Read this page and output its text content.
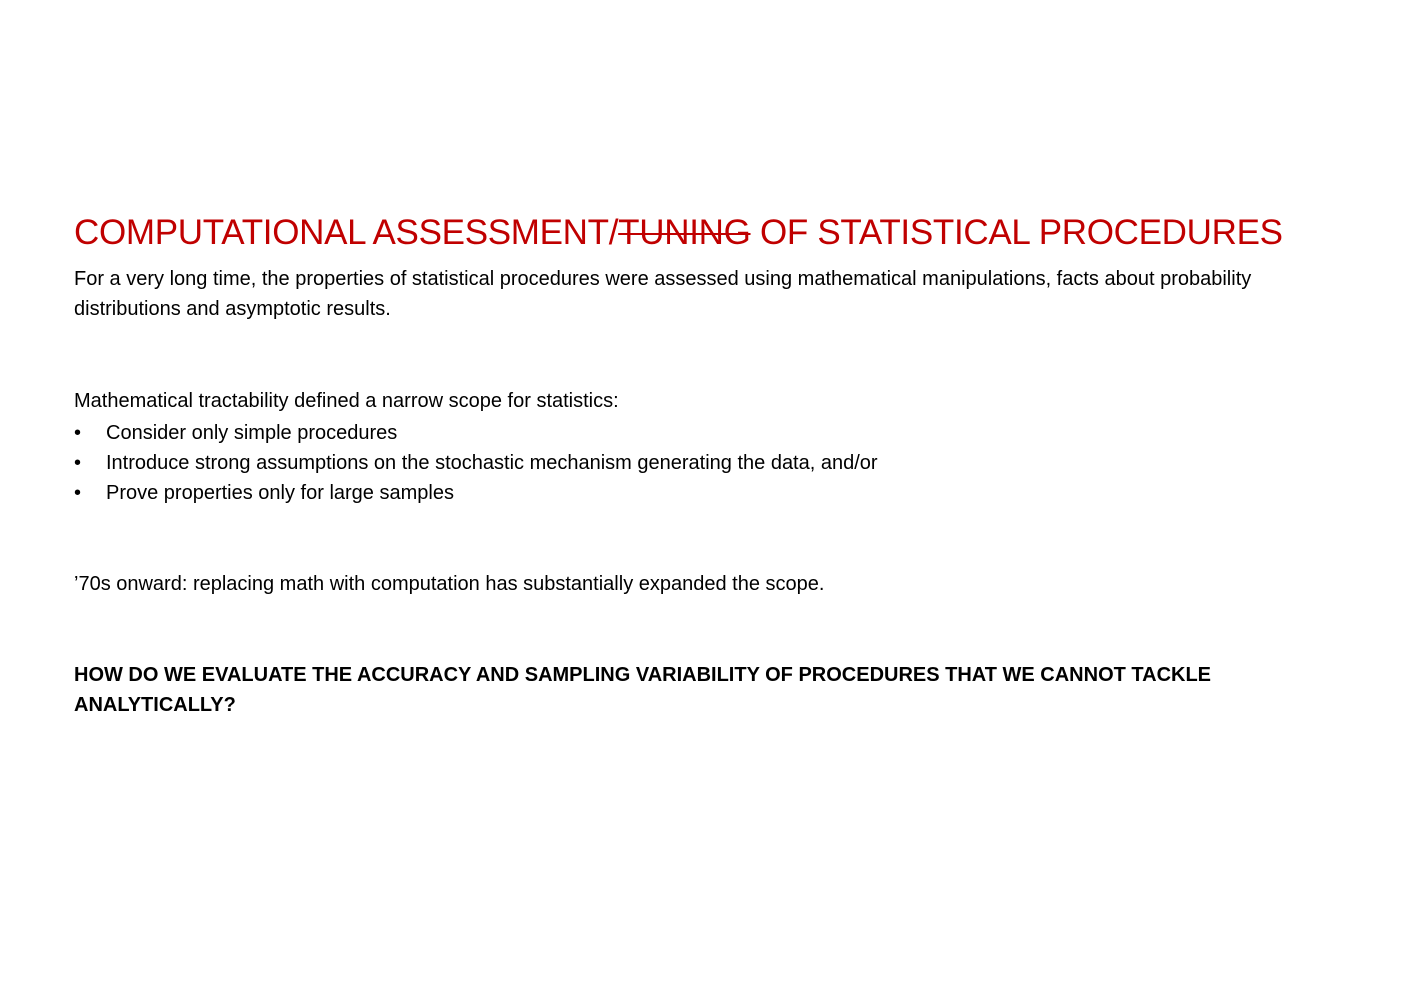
COMPUTATIONAL ASSESSMENT/TUNING OF STATISTICAL PROCEDURES

For a very long time, the properties of statistical procedures were assessed using mathematical manipulations, facts about probability distributions and asymptotic results.

Mathematical tractability defined a narrow scope for statistics:

•	Consider only simple procedures
•	Introduce strong assumptions on the stochastic mechanism generating the data, and/or
•	Prove properties only for large samples

’70s onward: replacing math with computation has substantially expanded the scope.

HOW DO WE EVALUATE THE ACCURACY AND SAMPLING VARIABILITY OF PROCEDURES THAT WE CANNOT TACKLE ANALYTICALLY?
